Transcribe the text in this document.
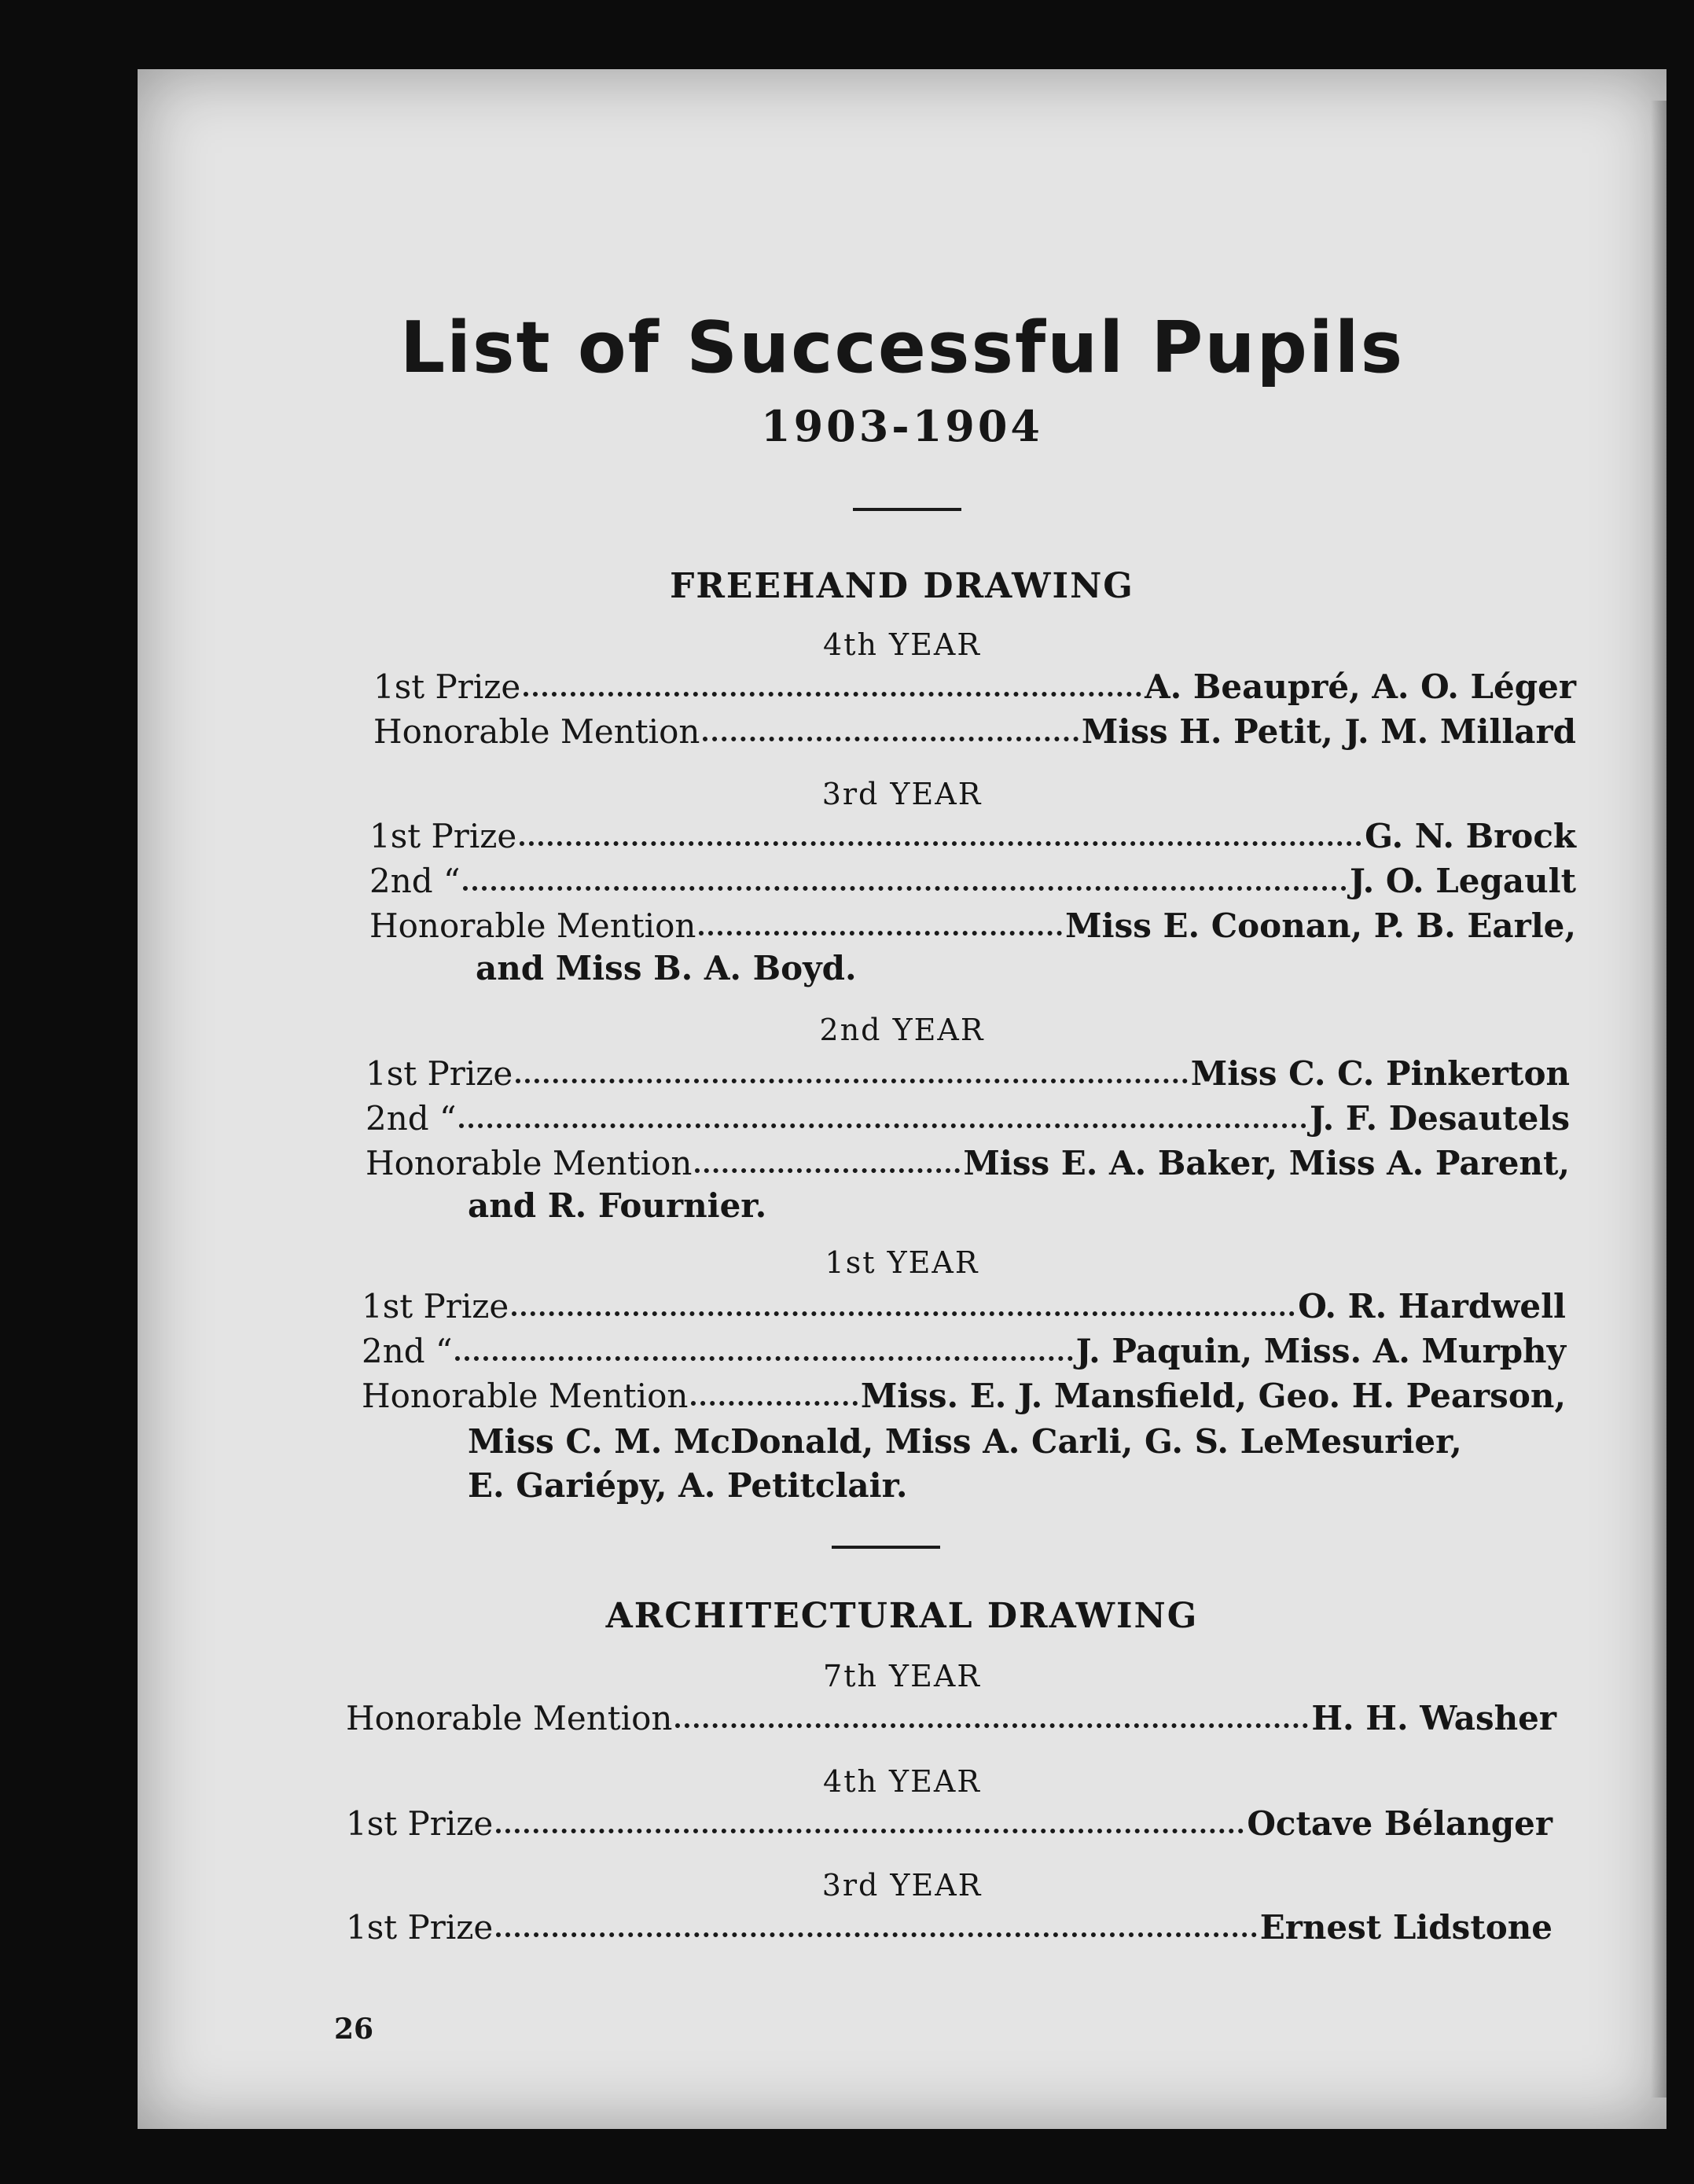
List of Successful Pupils
1903-1904
FREEHAND DRAWING
4th YEAR
1st Prize	A. Beaupré, A. O. Léger
Honorable Mention	Miss H. Petit, J. M. Millard
3rd YEAR
1st Prize	G. N. Brock
2nd “	J. O. Legault
Honorable Mention	Miss E. Coonan, P. B. Earle,
and Miss B. A. Boyd.
2nd YEAR
1st Prize	Miss C. C. Pinkerton
2nd “	J. F. Desautels
Honorable Mention	Miss E. A. Baker, Miss A. Parent,
and R. Fournier.
1st YEAR
1st Prize	O. R. Hardwell
2nd “	J. Paquin, Miss. A. Murphy
Honorable Mention	Miss. E. J. Mansfield, Geo. H. Pearson,
Miss C. M. McDonald, Miss A. Carli, G. S. LeMesurier,
E. Gariépy, A. Petitclair.
ARCHITECTURAL DRAWING
7th YEAR
Honorable Mention	H. H. Washer
4th YEAR
1st Prize	Octave Bélanger
3rd YEAR
1st Prize	Ernest Lidstone
26
